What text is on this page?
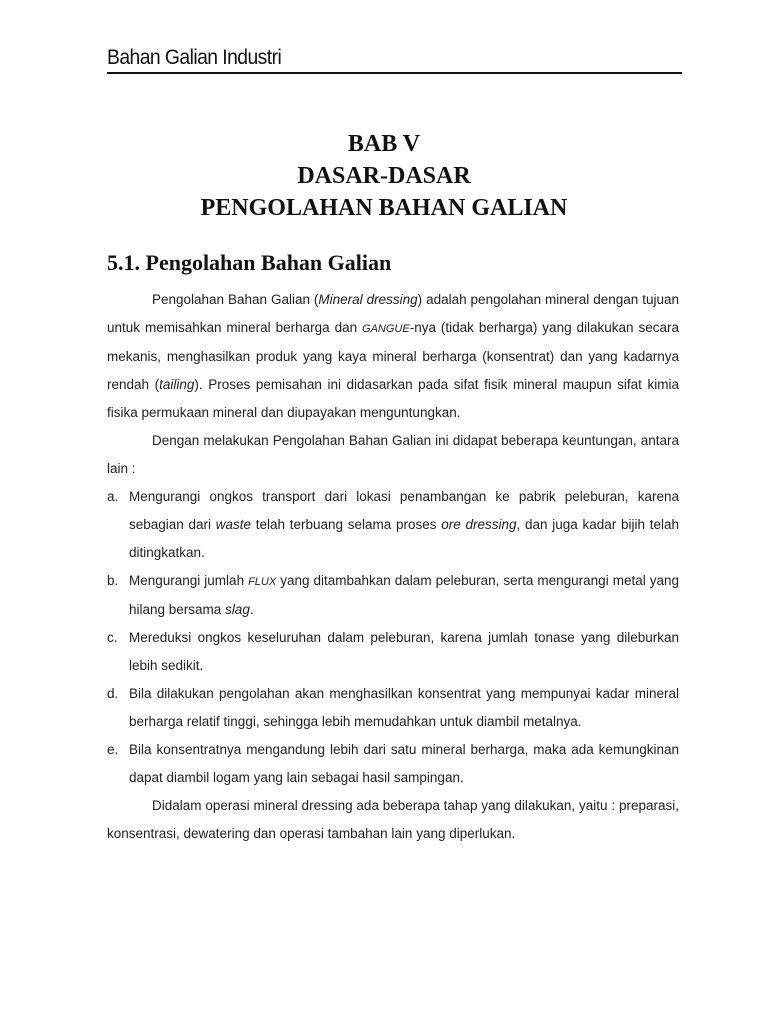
Bahan Galian Industri
BAB V
DASAR-DASAR
PENGOLAHAN BAHAN GALIAN
5.1. Pengolahan Bahan Galian

Pengolahan Bahan Galian (Mineral dressing) adalah pengolahan mineral dengan tujuan untuk memisahkan mineral berharga dan GANGUE-nya (tidak berharga) yang dilakukan secara mekanis, menghasilkan produk yang kaya mineral berharga (konsentrat) dan yang kadarnya rendah (tailing). Proses pemisahan ini didasarkan pada sifat fisik mineral maupun sifat kimia fisika permukaan mineral dan diupayakan menguntungkan.

Dengan melakukan Pengolahan Bahan Galian ini didapat beberapa keuntungan, antara lain :

a. Mengurangi ongkos transport dari lokasi penambangan ke pabrik peleburan, karena sebagian dari waste telah terbuang selama proses ore dressing, dan juga kadar bijih telah ditingkatkan.
b. Mengurangi jumlah FLUX yang ditambahkan dalam peleburan, serta mengurangi metal yang hilang bersama slag.
c. Mereduksi ongkos keseluruhan dalam peleburan, karena jumlah tonase yang dileburkan lebih sedikit.
d. Bila dilakukan pengolahan akan menghasilkan konsentrat yang mempunyai kadar mineral berharga relatif tinggi, sehingga lebih memudahkan untuk diambil metalnya.
e. Bila konsentratnya mengandung lebih dari satu mineral berharga, maka ada kemungkinan dapat diambil logam yang lain sebagai hasil sampingan.

Didalam operasi mineral dressing ada beberapa tahap yang dilakukan, yaitu : preparasi, konsentrasi, dewatering dan operasi tambahan lain yang diperlukan.
